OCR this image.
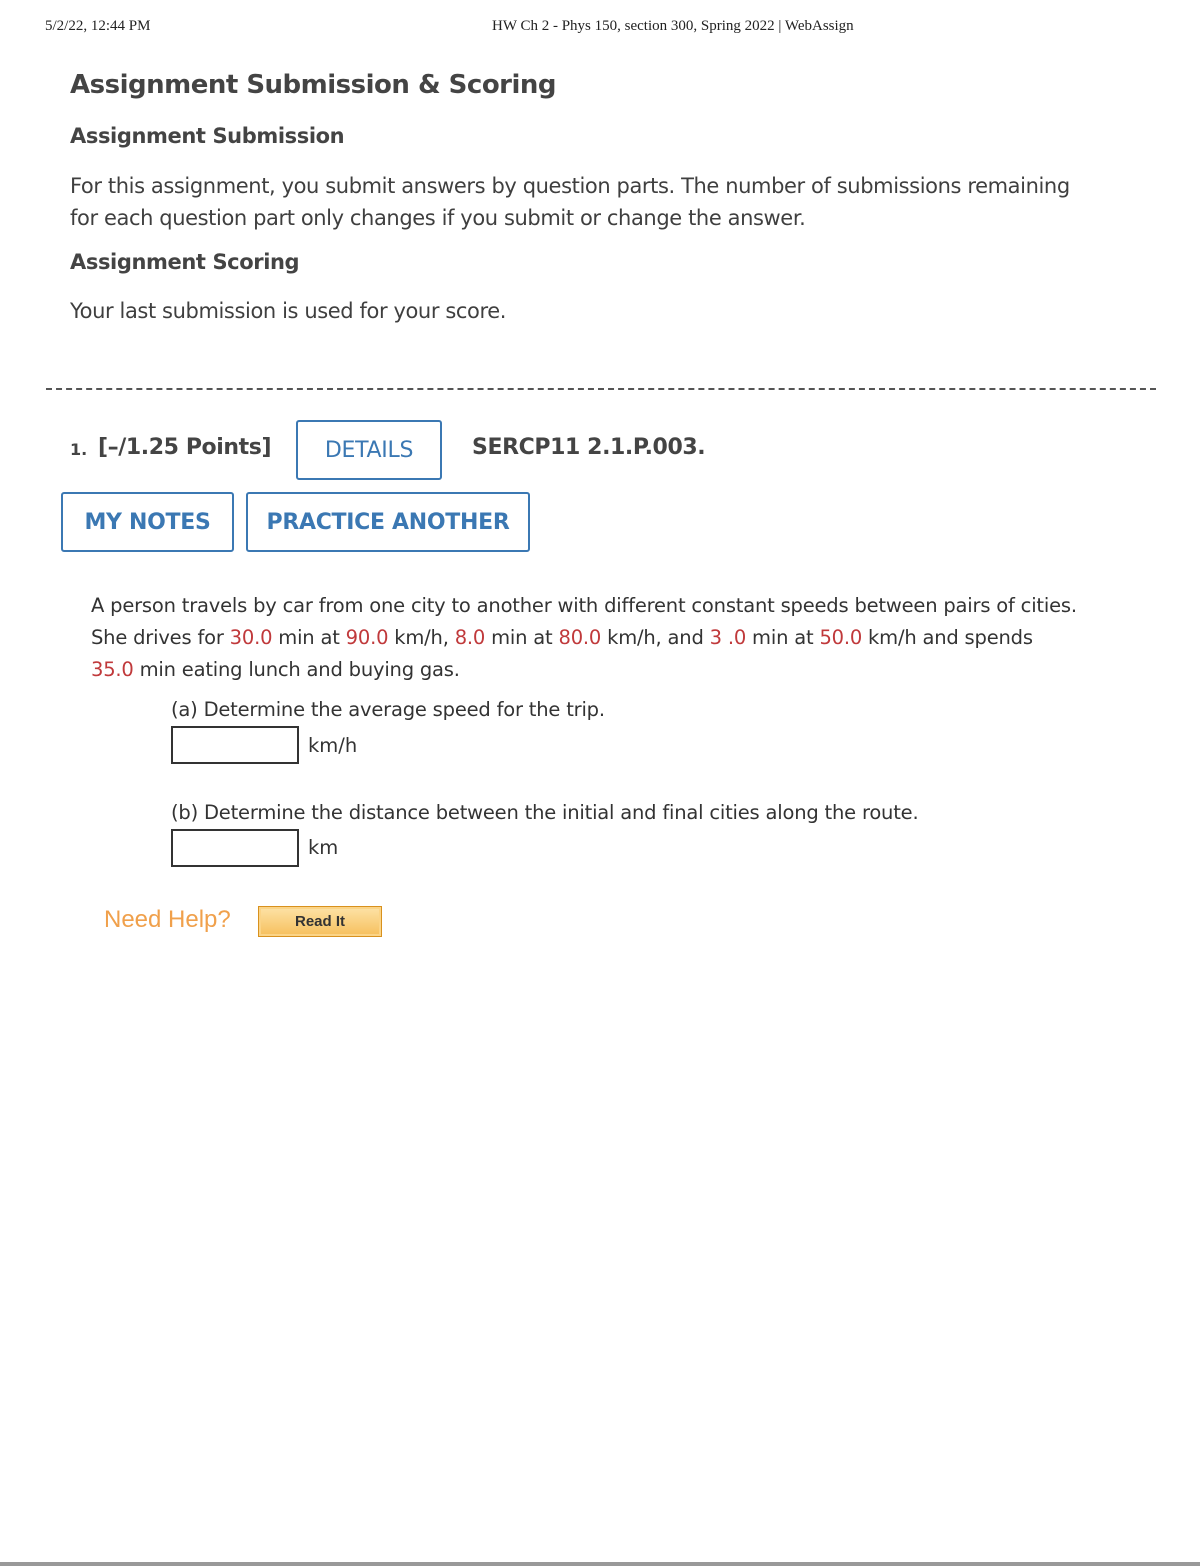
5/2/22, 12:44 PM	HW Ch 2 - Phys 150, section 300, Spring 2022 | WebAssign
Assignment Submission & Scoring
Assignment Submission

For this assignment, you submit answers by question parts. The number of submissions remaining
for each question part only changes if you submit or change the answer.

Assignment Scoring

Your last submission is used for your score.

1. [–/1.25 Points]	DETAILS	SERCP11 2.1.P.003.
MY NOTES	PRACTICE ANOTHER
A person travels by car from one city to another with different constant speeds between pairs of cities.
She drives for 30.0 min at 90.0 km/h, 8.0 min at 80.0 km/h, and 3 .0 min at 50.0 km/h and spends
35.0 min eating lunch and buying gas.
(a) Determine the average speed for the trip.
km/h
(b) Determine the distance between the initial and final cities along the route.
km
Need Help?	Read It
